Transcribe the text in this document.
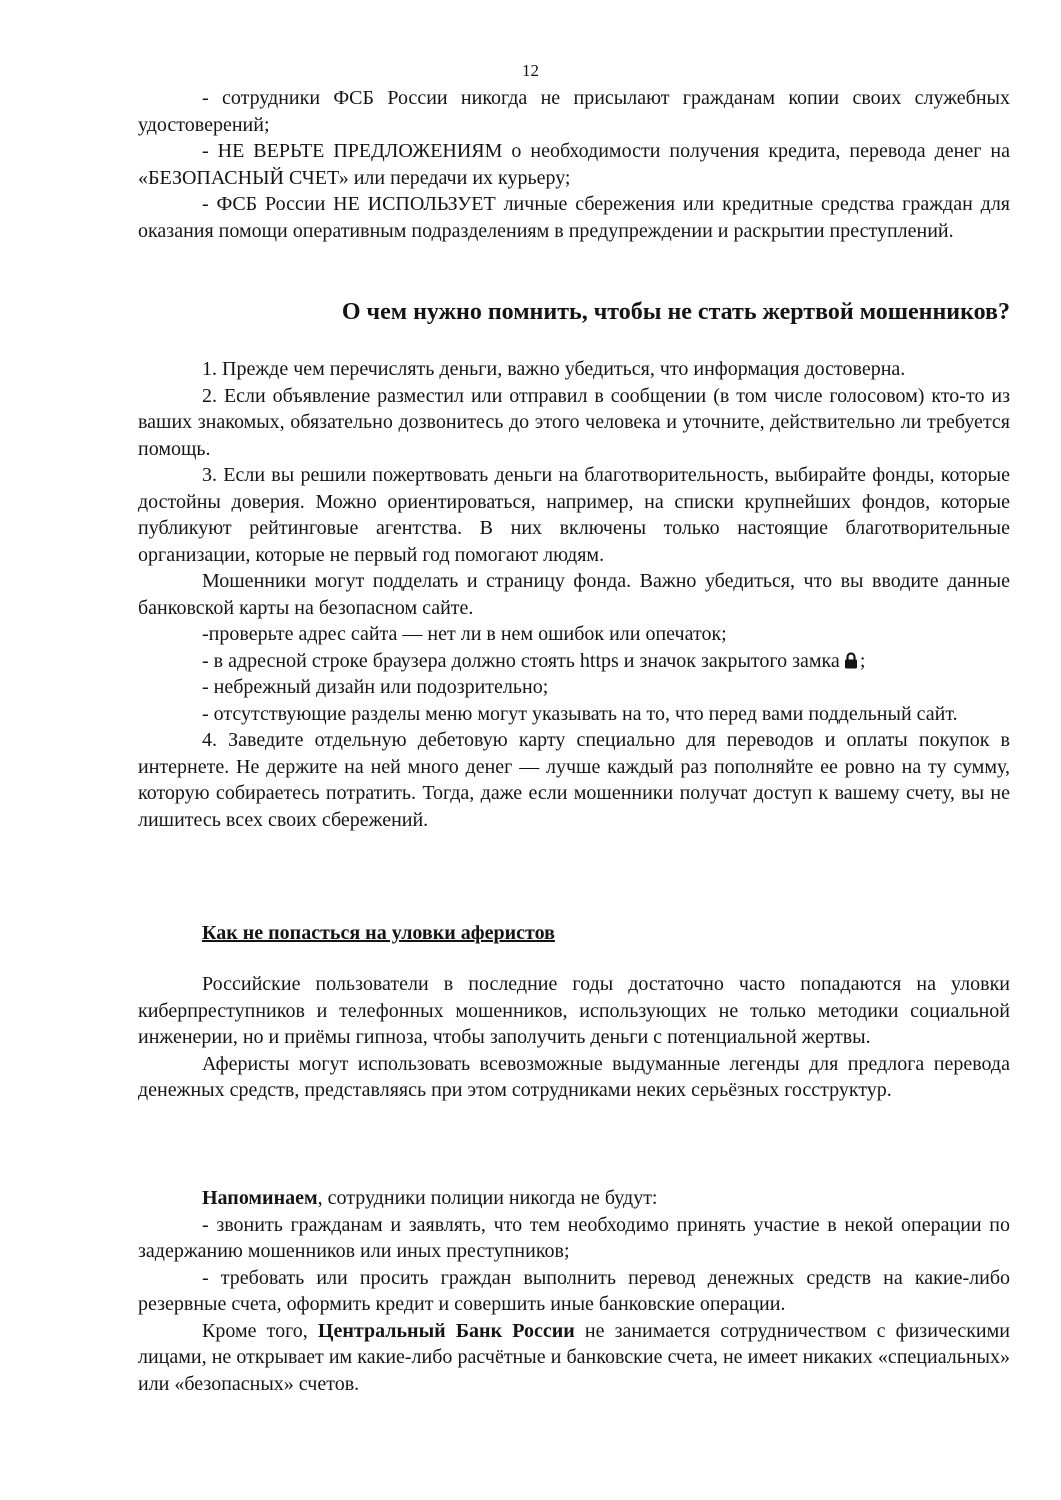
12

- сотрудники ФСБ России никогда не присылают гражданам копии своих служебных удостоверений;

- НЕ ВЕРЬТЕ ПРЕДЛОЖЕНИЯМ о необходимости получения кредита, перевода денег на «БЕЗОПАСНЫЙ СЧЕТ» или передачи их курьеру;

- ФСБ России НЕ ИСПОЛЬЗУЕТ личные сбережения или кредитные средства граждан для оказания помощи оперативным подразделениям в предупреждении и раскрытии преступлений.

О чем нужно помнить, чтобы не стать жертвой мошенников?

1. Прежде чем перечислять деньги, важно убедиться, что информация достоверна.

2. Если объявление разместил или отправил в сообщении (в том числе голосовом) кто-то из ваших знакомых, обязательно дозвонитесь до этого человека и уточните, действительно ли требуется помощь.

3. Если вы решили пожертвовать деньги на благотворительность, выбирайте фонды, которые достойны доверия. Можно ориентироваться, например, на списки крупнейших фондов, которые публикуют рейтинговые агентства. В них включены только настоящие благотворительные организации, которые не первый год помогают людям.

Мошенники могут подделать и страницу фонда. Важно убедиться, что вы вводите данные банковской карты на безопасном сайте.

-проверьте адрес сайта — нет ли в нем ошибок или опечаток;

- в адресной строке браузера должно стоять https и значок закрытого замка ;

- небрежный дизайн или подозрительно;

- отсутствующие разделы меню могут указывать на то, что перед вами поддельный сайт.

4. Заведите отдельную дебетовую карту специально для переводов и оплаты покупок в интернете. Не держите на ней много денег — лучше каждый раз пополняйте ее ровно на ту сумму, которую собираетесь потратить. Тогда, даже если мошенники получат доступ к вашему счету, вы не лишитесь всех своих сбережений.

Как не попасться на уловки аферистов

Российские пользователи в последние годы достаточно часто попадаются на уловки киберпреступников и телефонных мошенников, использующих не только методики социальной инженерии, но и приёмы гипноза, чтобы заполучить деньги с потенциальной жертвы.

Аферисты могут использовать всевозможные выдуманные легенды для предлога перевода денежных средств, представляясь при этом сотрудниками неких серьёзных госструктур.

Напоминаем, сотрудники полиции никогда не будут:

- звонить гражданам и заявлять, что тем необходимо принять участие в некой операции по задержанию мошенников или иных преступников;

- требовать или просить граждан выполнить перевод денежных средств на какие-либо резервные счета, оформить кредит и совершить иные банковские операции.

Кроме того, Центральный Банк России не занимается сотрудничеством с физическими лицами, не открывает им какие-либо расчётные и банковские счета, не имеет никаких «специальных» или «безопасных» счетов.
